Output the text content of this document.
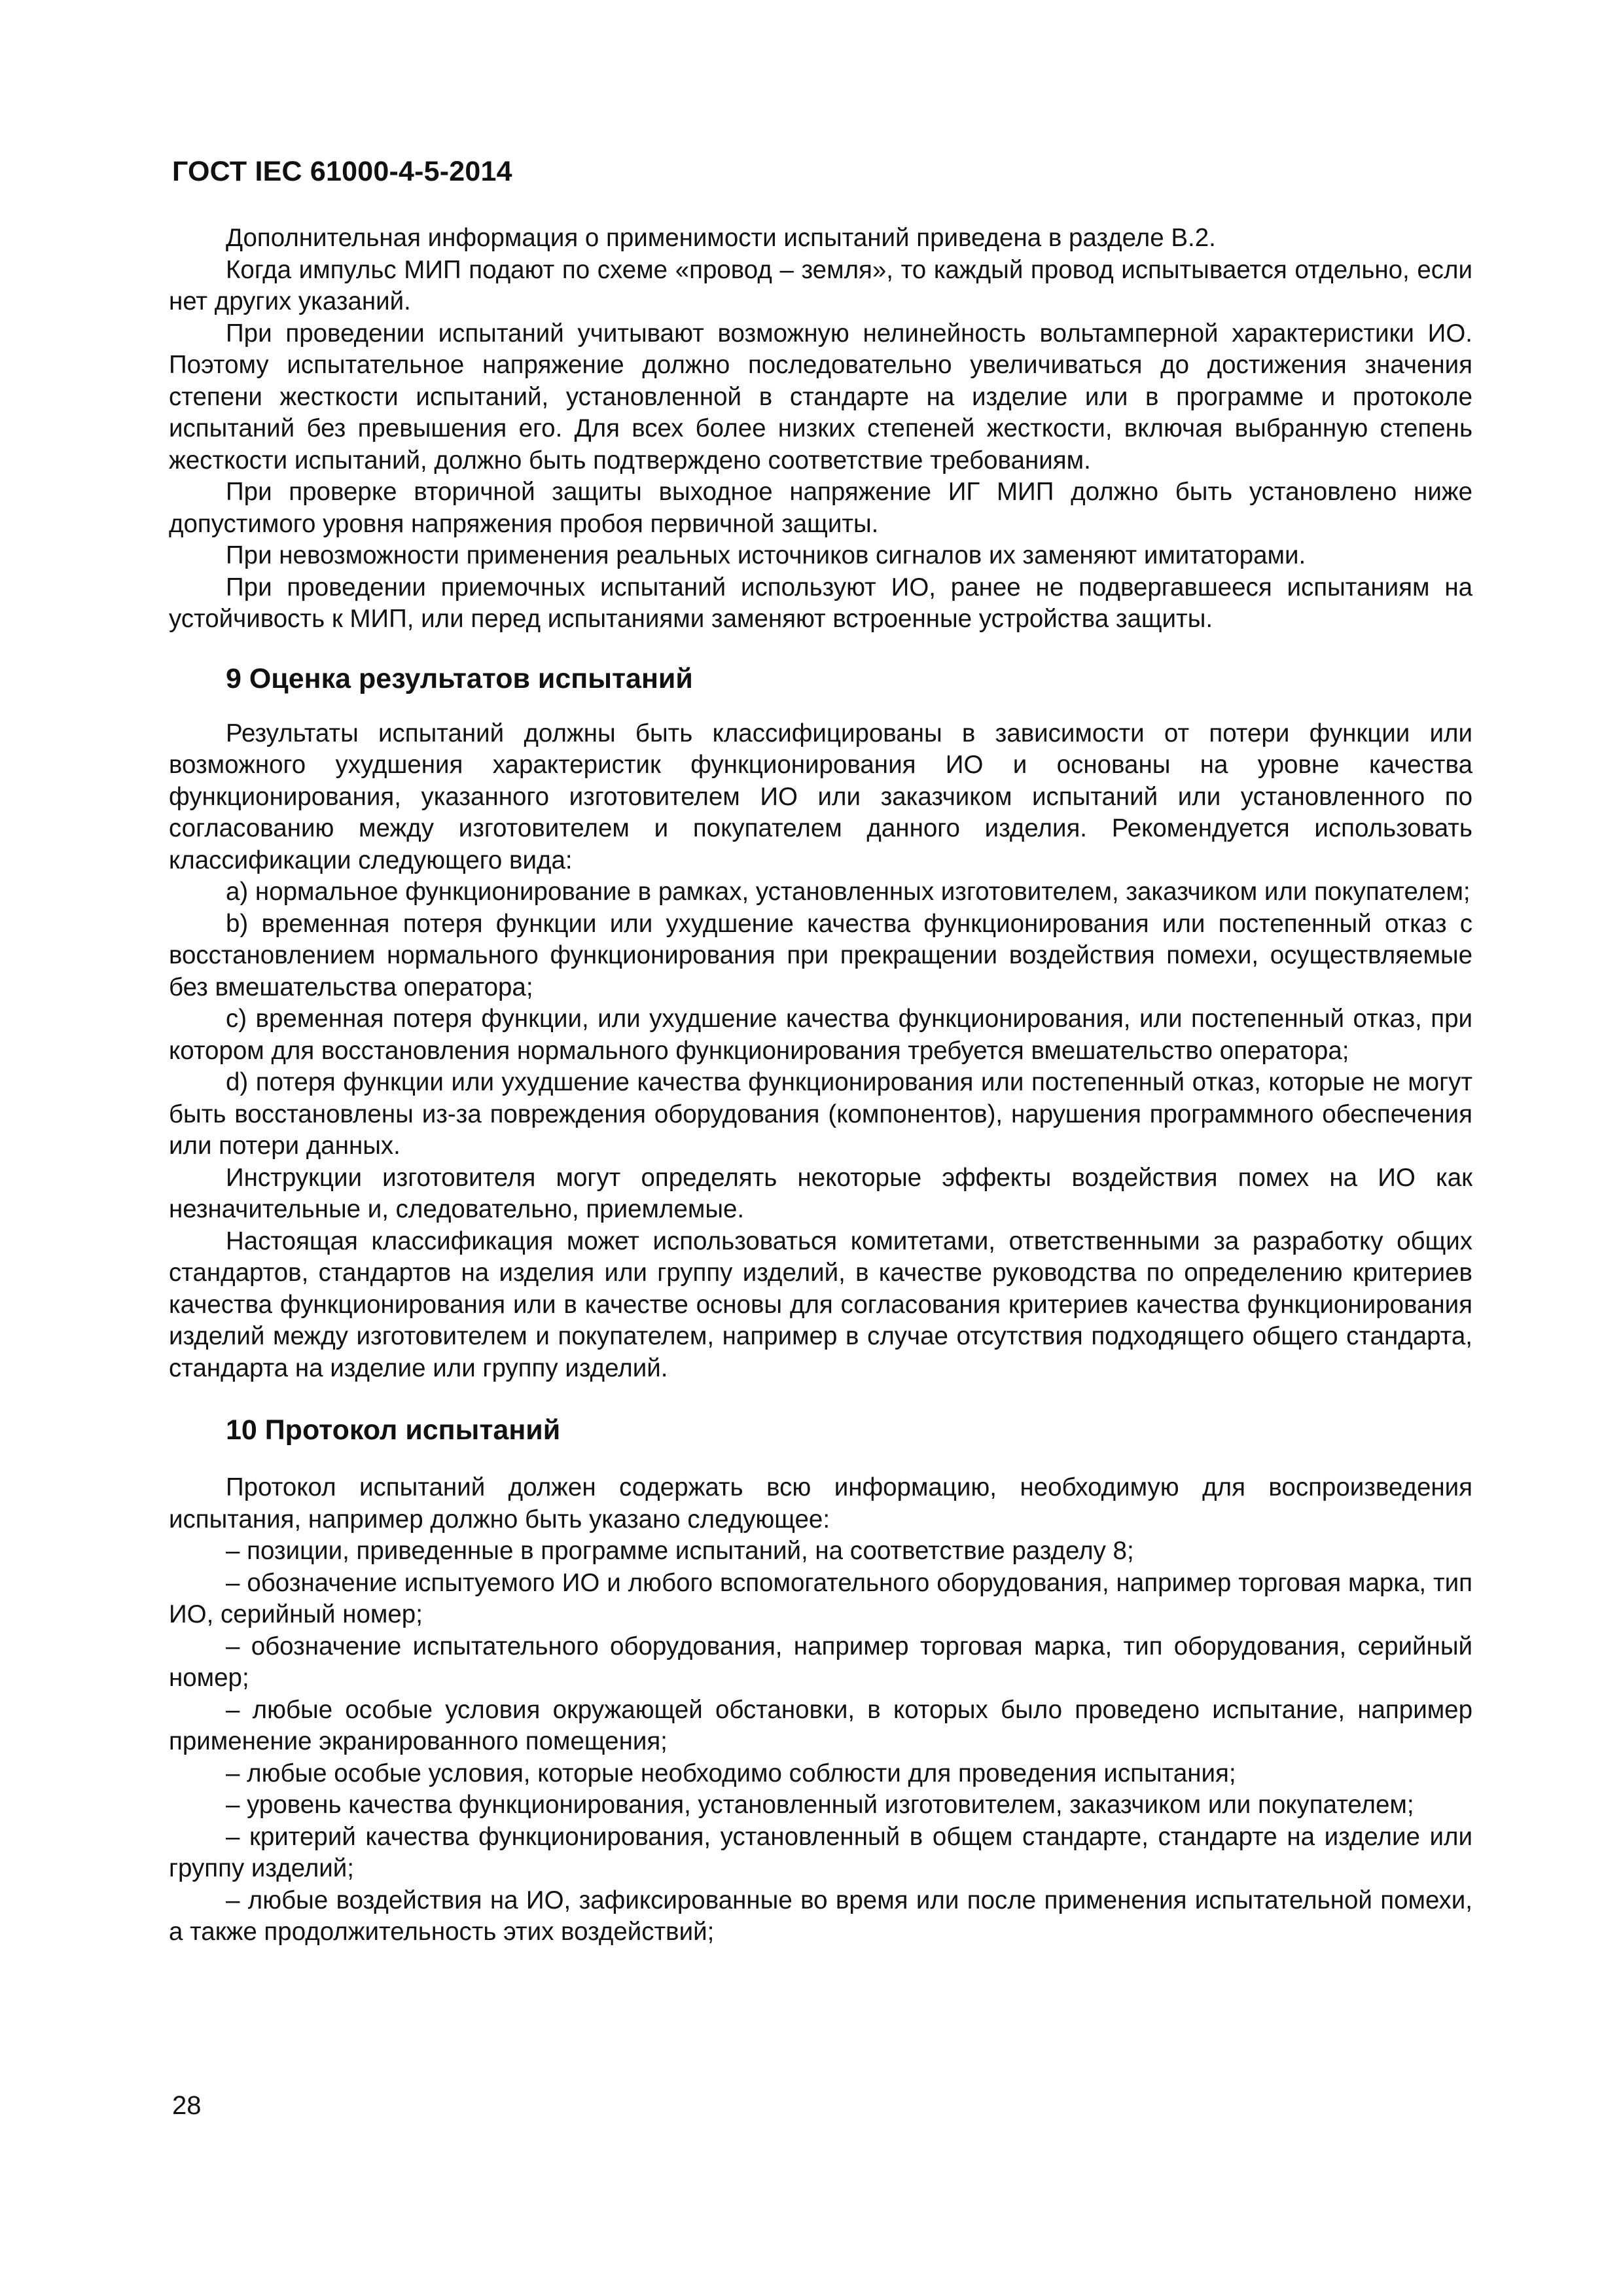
ГОСТ IEC 61000-4-5-2014

Дополнительная информация о применимости испытаний приведена в разделе B.2.

Когда импульс МИП подают по схеме «провод – земля», то каждый провод испытывается отдельно, если нет других указаний.

При проведении испытаний учитывают возможную нелинейность вольтамперной характеристики ИО. Поэтому испытательное напряжение должно последовательно увеличиваться до достижения значения степени жесткости испытаний, установленной в стандарте на изделие или в программе и протоколе испытаний без превышения его. Для всех более низких степеней жесткости, включая выбранную степень жесткости испытаний, должно быть подтверждено соответствие требованиям.

При проверке вторичной защиты выходное напряжение ИГ МИП должно быть установлено ниже допустимого уровня напряжения пробоя первичной защиты.

При невозможности применения реальных источников сигналов их заменяют имитаторами.

При проведении приемочных испытаний используют ИО, ранее не подвергавшееся испытаниям на устойчивость к МИП, или перед испытаниями заменяют встроенные устройства защиты.

9 Оценка результатов испытаний

Результаты испытаний должны быть классифицированы в зависимости от потери функции или возможного ухудшения характеристик функционирования ИО и основаны на уровне качества функционирования, указанного изготовителем ИО или заказчиком испытаний или установленного по согласованию между изготовителем и покупателем данного изделия. Рекомендуется использовать классификации следующего вида:

a) нормальное функционирование в рамках, установленных изготовителем, заказчиком или покупателем;

b) временная потеря функции или ухудшение качества функционирования или постепенный отказ с восстановлением нормального функционирования при прекращении воздействия помехи, осуществляемые без вмешательства оператора;

c) временная потеря функции, или ухудшение качества функционирования, или постепенный отказ, при котором для восстановления нормального функционирования требуется вмешательство оператора;

d) потеря функции или ухудшение качества функционирования или постепенный отказ, которые не могут быть восстановлены из-за повреждения оборудования (компонентов), нарушения программного обеспечения или потери данных.

Инструкции изготовителя могут определять некоторые эффекты воздействия помех на ИО как незначительные и, следовательно, приемлемые.

Настоящая классификация может использоваться комитетами, ответственными за разработку общих стандартов, стандартов на изделия или группу изделий, в качестве руководства по определению критериев качества функционирования или в качестве основы для согласования критериев качества функционирования изделий между изготовителем и покупателем, например в случае отсутствия подходящего общего стандарта, стандарта на изделие или группу изделий.

10 Протокол испытаний

Протокол испытаний должен содержать всю информацию, необходимую для воспроизведения испытания, например должно быть указано следующее:

– позиции, приведенные в программе испытаний, на соответствие разделу 8;

– обозначение испытуемого ИО и любого вспомогательного оборудования, например торговая марка, тип ИО, серийный номер;

– обозначение испытательного оборудования, например торговая марка, тип оборудования, серийный номер;

– любые особые условия окружающей обстановки, в которых было проведено испытание, например применение экранированного помещения;

– любые особые условия, которые необходимо соблюсти для проведения испытания;

– уровень качества функционирования, установленный изготовителем, заказчиком или покупателем;

– критерий качества функционирования, установленный в общем стандарте, стандарте на изделие или группу изделий;

– любые воздействия на ИО, зафиксированные во время или после применения испытательной помехи, а также продолжительность этих воздействий;

28
